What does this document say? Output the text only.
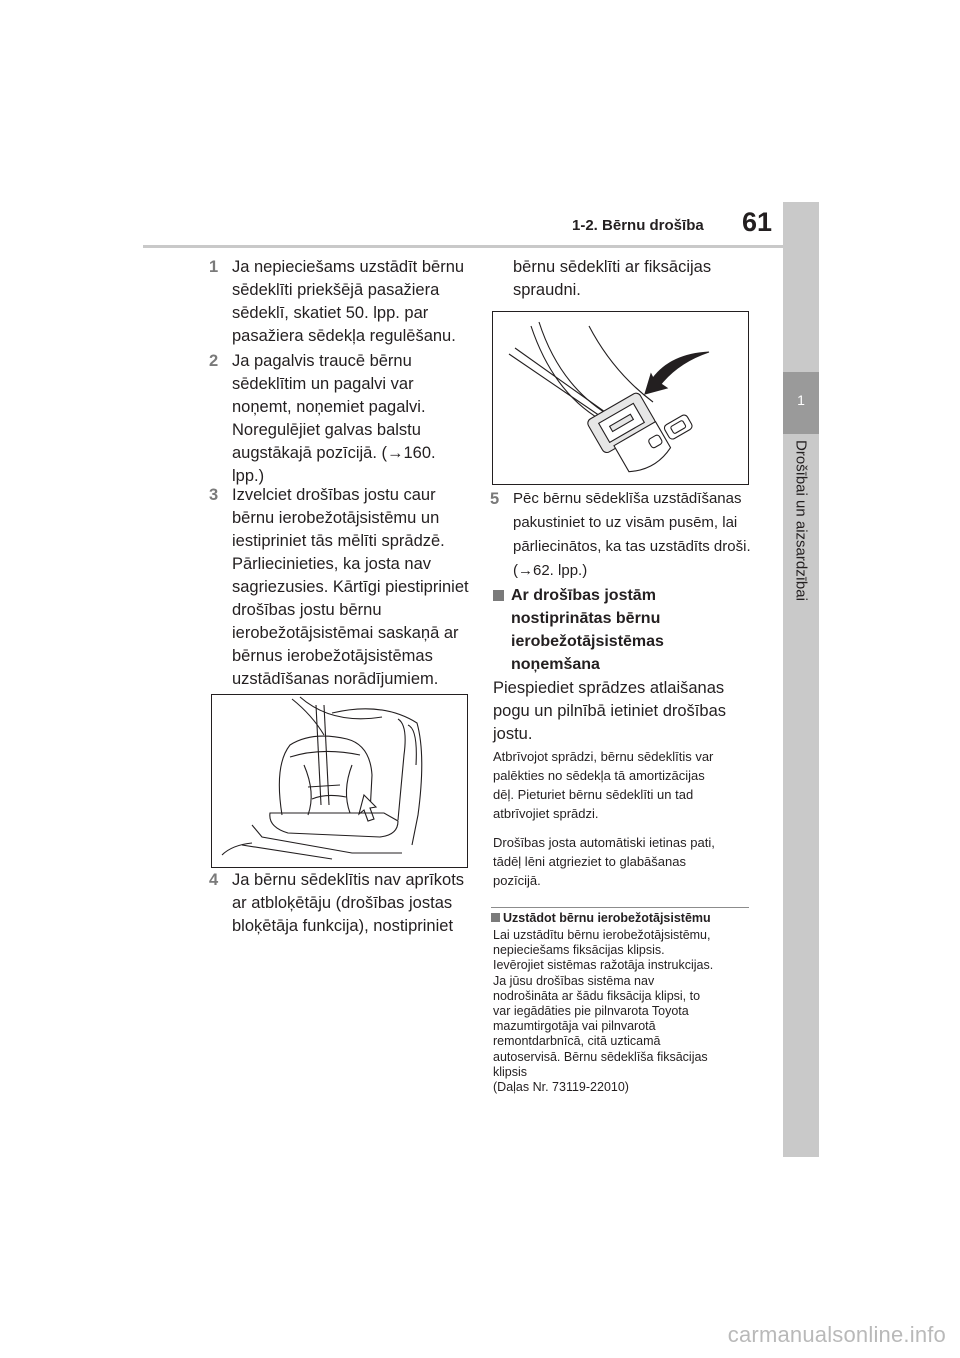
1-2. Bērnu drošība 61
1
Drošībai un aizsardzībai
1 Ja nepieciešams uzstādīt bērnu

sēdeklīti priekšējā pasažiera

sēdeklī, skatiet 50. lpp. par

pasažiera sēdekļa regulēšanu.

2 Ja pagalvis traucē bērnu

sēdeklītim un pagalvi var

noņemt, noņemiet pagalvi.

Noregulējiet galvas balstu

augstākajā pozīcijā. (→160.

lpp.)

3 Izvelciet drošības jostu caur

bērnu ierobežotājsistēmu un

iestipriniet tās mēlīti sprādzē.

Pārliecinieties, ka josta nav

sagriezusies. Kārtīgi piestipriniet

drošības jostu bērnu

ierobežotājsistēmai saskaņā ar

bērnus ierobežotājsistēmas

uzstādīšanas norādījumiem.

4 Ja bērnu sēdeklītis nav aprīkots

ar atbloķētāju (drošības jostas

bloķētāja funkcija), nostipriniet

bērnu sēdeklīti ar fiksācijas

spraudni.

5 Pēc bērnu sēdeklīša uzstādīšanas

pakustiniet to uz visām pusēm, lai

pārliecinātos, ka tas uzstādīts droši.

(→62. lpp.)

Ar drošības jostām
nostiprinātas bērnu
ierobežotājsistēmas
noņemšana
Piespiediet sprādzes atlaišanas
pogu un pilnībā ietiniet drošības
jostu.
Atbrīvojot sprādzi, bērnu sēdeklītis var
palēkties no sēdekļa tā amortizācijas
dēļ. Pieturiet bērnu sēdeklīti un tad
atbrīvojiet sprādzi.
Drošības josta automātiski ietinas pati,
tādēļ lēni atgrieziet to glabāšanas
pozīcijā.
Uzstādot bērnu ierobežotājsistēmu
Lai uzstādītu bērnu ierobežotājsistēmu,
nepieciešams fiksācijas klipsis.
Ievērojiet sistēmas ražotāja instrukcijas.
Ja jūsu drošības sistēma nav
nodrošināta ar šādu fiksācija klipsi, to
var iegādāties pie pilnvarota Toyota
mazumtirgotāja vai pilnvarotā
remontdarbnīcā, citā uzticamā
autoservisā. Bērnu sēdeklīša fiksācijas
klipsis
(Daļas Nr. 73119-22010)
carmanualsonline.info
